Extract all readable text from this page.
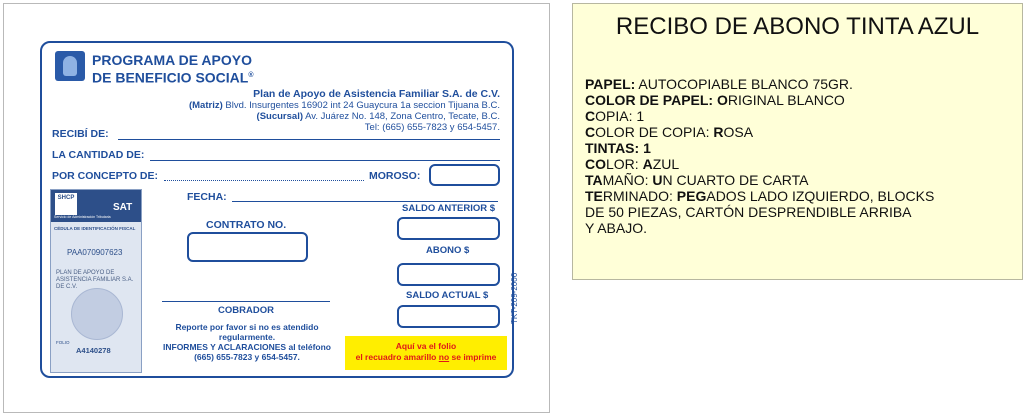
PROGRAMA DE APOYO
DE BENEFICIO SOCIAL®
Plan de Apoyo de Asistencia Familiar S.A. de C.V.
(Matriz) Blvd. Insurgentes 16902 int 24 Guaycura 1a seccion Tijuana B.C.
(Sucursal) Av. Juárez No. 148, Zona Centro, Tecate, B.C.
Tel: (665) 655-7823 y 654-5457.
RECIBÍ DE:
LA CANTIDAD DE:
POR CONCEPTO DE:	MOROSO:
SHCP
SAT
Servicio de Administración Tributaria
CÉDULA DE IDENTIFICACIÓN FISCAL
PAA070907623
PLAN DE APOYO DE ASISTENCIA FAMILIAR S.A. DE C.V.
FOLIO
A4140278
FECHA:
SALDO ANTERIOR $
CONTRATO NO.
ABONO $
SALDO ACTUAL $
COBRADOR
Reporte por favor si no es atendido
regularmente.
INFORMES Y ACLARACIONES al teléfono
(665) 655-7823 y 654-5457.
Aquí va el folio
el recuadro amarillo no se imprime
TKT-209-2006
RECIBO DE ABONO TINTA AZUL
PAPEL: AUTOCOPIABLE BLANCO 75GR.
COLOR DE PAPEL: ORIGINAL BLANCO
COPIA: 1
COLOR DE COPIA: ROSA
TINTAS: 1
COLOR: AZUL
TAMAÑO: UN CUARTO DE CARTA
TERMINADO: PEGADOS LADO IZQUIERDO, BLOCKS
DE 50 PIEZAS, CARTÓN DESPRENDIBLE ARRIBA
Y ABAJO.
